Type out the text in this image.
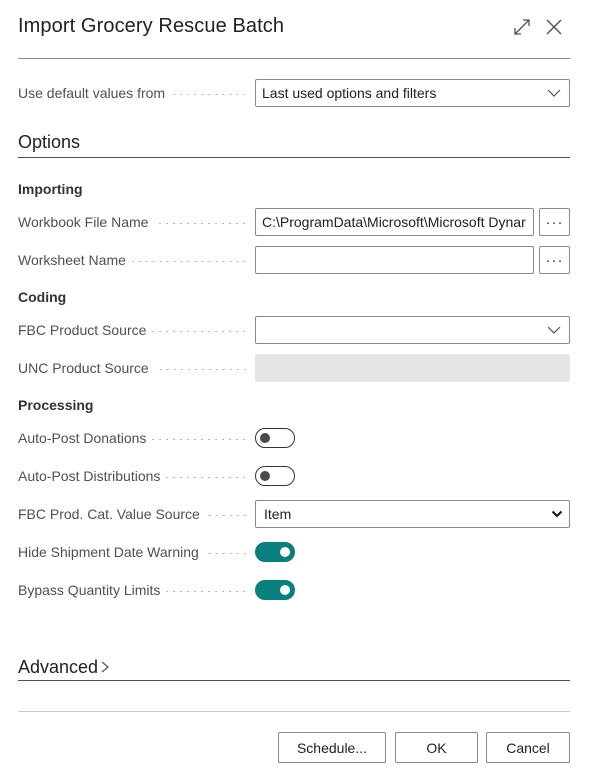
Import Grocery Rescue Batch
Use default values from	Last used options and filters
Options
Importing
Workbook File Name	C:\ProgramData\Microsoft\Microsoft Dynar	···
Worksheet Name	···
Coding
FBC Product Source
UNC Product Source
Processing
Auto-Post Donations
Auto-Post Distributions
FBC Prod. Cat. Value Source	Item
Hide Shipment Date Warning
Bypass Quantity Limits
Advanced
Schedule...	OK	Cancel
